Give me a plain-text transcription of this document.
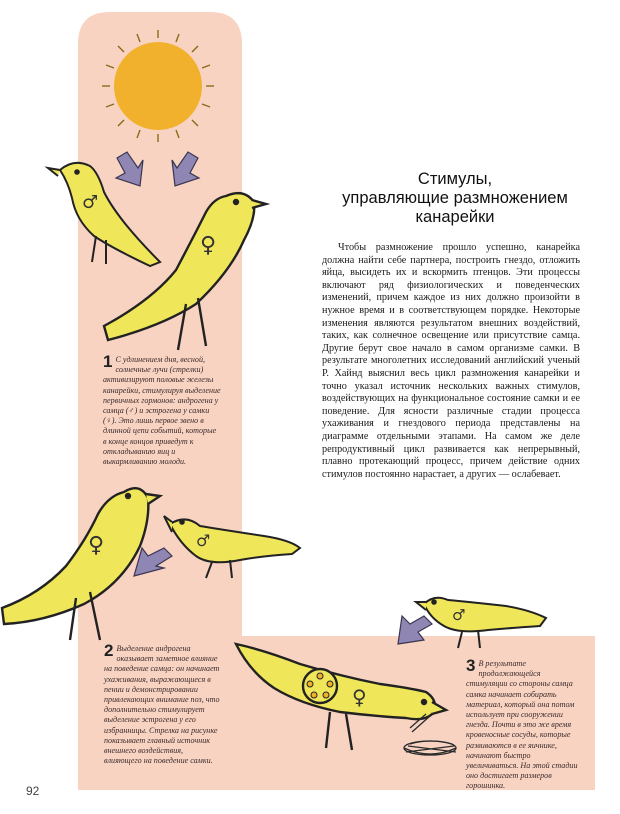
♂
♀
♀	♂
♂
♀
Стимулы,
управляющие размножением
канарейки
Чтобы размножение прошло успешно, канарейка должна найти себе партнера, построить гнездо, отложить яйца, высидеть их и вскормить птенцов. Эти процессы включают ряд физиологических и поведенческих изменений, причем каждое из них должно произойти в нужное время и в соответствующем порядке. Некоторые изменения являются результатом внешних воздействий, таких, как солнечное освещение или присутствие самца. Другие берут свое начало в самом организме самки. В результате многолетних исследований английский ученый Р. Хайнд выяснил весь цикл размножения канарейки и точно указал источник нескольких важных стимулов, воздействующих на функциональное состояние самки и ее поведение. Для ясности различные стадии процесса ухаживания и гнездового периода представлены на диаграмме отдельными этапами. На самом же деле репродуктивный цикл развивается как непрерывный, плавно протекающий процесс, причем действие одних стимулов постоянно нарастает, а других — ослабевает.
1 С удлинением дня, весной, солнечные лучи (стрелки) активизируют половые железы канарейки, стимулируя выделение первичных гормонов: андрогена у самца (♂) и эстрогена у самки (♀). Это лишь первое звено в длинной цепи событий, которые в конце концов приведут к откладыванию яиц и выкармливанию молоди.
2 Выделение андрогена оказывает заметное влияние на поведение самца: он начинает ухаживания, выражающиеся в пении и демонстрировании привлекающих внимание поз, что дополнительно стимулирует выделение эстрогена у его избранницы. Стрелка на рисунке показывает главный источник внешнего воздействия, влияющего на поведение самки.
3 В результате продолжающейся стимуляции со стороны самца самка начинает собирать материал, который она потом использует при сооружении гнезда. Почти в это же время кровеносные сосуды, которые развиваются в ее яичнике, начинают быстро увеличиваться. На этой стадии оно достигает размеров горошинка.
92
